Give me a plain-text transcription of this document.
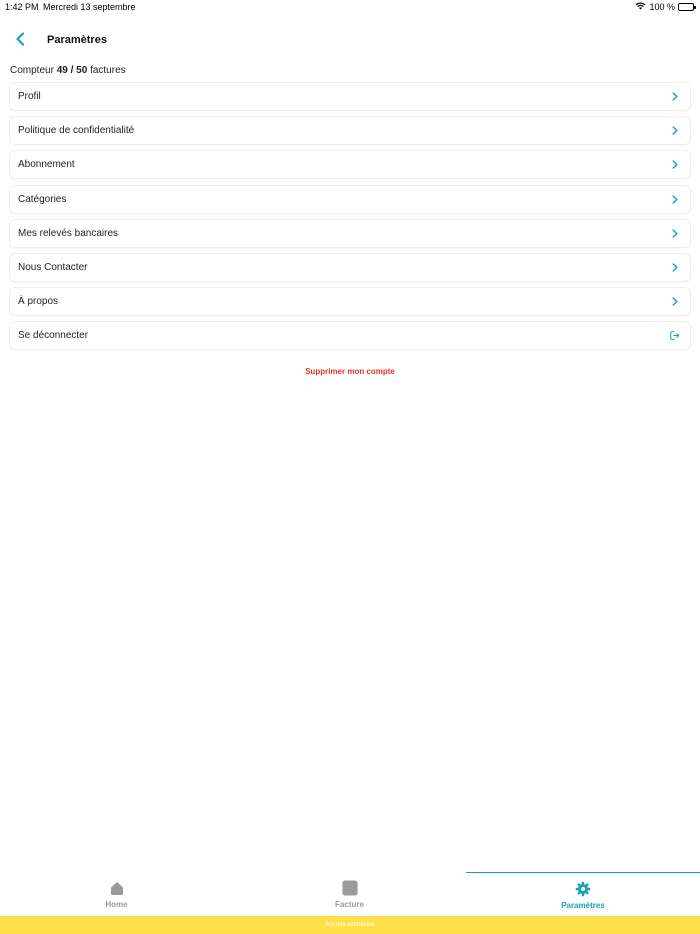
1:42 PM Mercredi 13 septembre	100 %
Paramètres
Compteur 49 / 50 factures
Profil
Politique de confidentialité
Abonnement
Catégories
Mes relevés bancaires
Nous Contacter
À propos
Se déconnecter
Supprimer mon compte
Home	Facture	Paramètres
Aucune connexion
